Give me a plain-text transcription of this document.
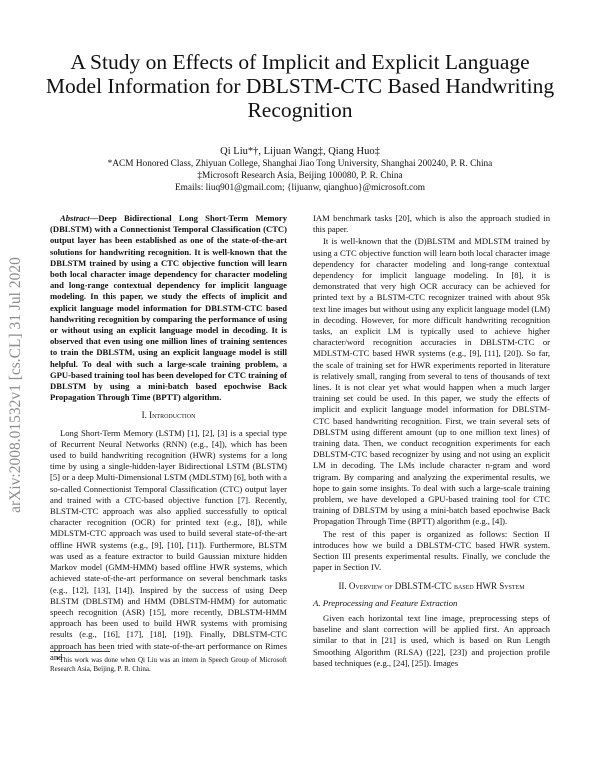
A Study on Effects of Implicit and Explicit Language Model Information for DBLSTM-CTC Based Handwriting Recognition
Qi Liu*†, Lijuan Wang‡, Qiang Huo‡
*ACM Honored Class, Zhiyuan College, Shanghai Jiao Tong University, Shanghai 200240, P. R. China
‡Microsoft Research Asia, Beijing 100080, P. R. China
Emails: liuq901@gmail.com; {lijuanw, qianghuo}@microsoft.com
arXiv:2008.01532v1 [cs.CL] 31 Jul 2020

Abstract—Deep Bidirectional Long Short-Term Memory (DBLSTM) with a Connectionist Temporal Classification (CTC) output layer has been established as one of the state-of-the-art solutions for handwriting recognition. It is well-known that the DBLSTM trained by using a CTC objective function will learn both local character image dependency for character modeling and long-range contextual dependency for implicit language modeling. In this paper, we study the effects of implicit and explicit language model information for DBLSTM-CTC based handwriting recognition by comparing the performance of using or without using an explicit language model in decoding. It is observed that even using one million lines of training sentences to train the DBLSTM, using an explicit language model is still helpful. To deal with such a large-scale training problem, a GPU-based training tool has been developed for CTC training of DBLSTM by using a mini-batch based epochwise Back Propagation Through Time (BPTT) algorithm.

I. Introduction

Long Short-Term Memory (LSTM) [1], [2], [3] is a special type of Recurrent Neural Networks (RNN) (e.g., [4]), which has been used to build handwriting recognition (HWR) systems for a long time by using a single-hidden-layer Bidirectional LSTM (BLSTM) [5] or a deep Multi-Dimensional LSTM (MDLSTM) [6], both with a so-called Connectionist Temporal Classification (CTC) output layer and trained with a CTC-based objective function [7]. Recently, BLSTM-CTC approach was also applied successfully to optical character recognition (OCR) for printed text (e.g., [8]), while MDLSTM-CTC approach was used to build several state-of-the-art offline HWR systems (e.g., [9], [10], [11]). Furthermore, BLSTM was used as a feature extractor to build Gaussian mixture hidden Markov model (GMM-HMM) based offline HWR systems, which achieved state-of-the-art performance on several benchmark tasks (e.g., [12], [13], [14]). Inspired by the success of using Deep BLSTM (DBLSTM) and HMM (DBLSTM-HMM) for automatic speech recognition (ASR) [15], more recently, DBLSTM-HMM approach has been used to build HWR systems with promising results (e.g., [16], [17], [18], [19]). Finally, DBLSTM-CTC approach has been tried with state-of-the-art performance on Rimes and

*This work was done when Qi Liu was an intern in Speech Group of Microsoft Research Asia, Beijing, P. R. China.

IAM benchmark tasks [20], which is also the approach studied in this paper.

It is well-known that the (D)BLSTM and MDLSTM trained by using a CTC objective function will learn both local character image dependency for character modeling and long-range contextual dependency for implicit language modeling. In [8], it is demonstrated that very high OCR accuracy can be achieved for printed text by a BLSTM-CTC recognizer trained with about 95k text line images but without using any explicit language model (LM) in decoding. However, for more difficult handwriting recognition tasks, an explicit LM is typically used to achieve higher character/word recognition accuracies in DBLSTM-CTC or MDLSTM-CTC based HWR systems (e.g., [9], [11], [20]). So far, the scale of training set for HWR experiments reported in literature is relatively small, ranging from several to tens of thousands of text lines. It is not clear yet what would happen when a much larger training set could be used. In this paper, we study the effects of implicit and explicit language model information for DBLSTM-CTC based handwriting recognition. First, we train several sets of DBLSTM using different amount (up to one million text lines) of training data. Then, we conduct recognition experiments for each DBLSTM-CTC based recognizer by using and not using an explicit LM in decoding. The LMs include character n-gram and word trigram. By comparing and analyzing the experimental results, we hope to gain some insights. To deal with such a large-scale training problem, we have developed a GPU-based training tool for CTC training of DBLSTM by using a mini-batch based epochwise Back Propagation Through Time (BPTT) algorithm (e.g., [4]).

The rest of this paper is organized as follows: Section II introduces how we build a DBLSTM-CTC based HWR system. Section III presents experimental results. Finally, we conclude the paper in Section IV.

II. Overview of DBLSTM-CTC based HWR System
A. Preprocessing and Feature Extraction

Given each horizontal text line image, preprocessing steps of baseline and slant correction will be applied first. An approach similar to that in [21] is used, which is based on Run Length Smoothing Algorithm (RLSA) ([22], [23]) and projection profile based techniques (e.g., [24], [25]). Images
